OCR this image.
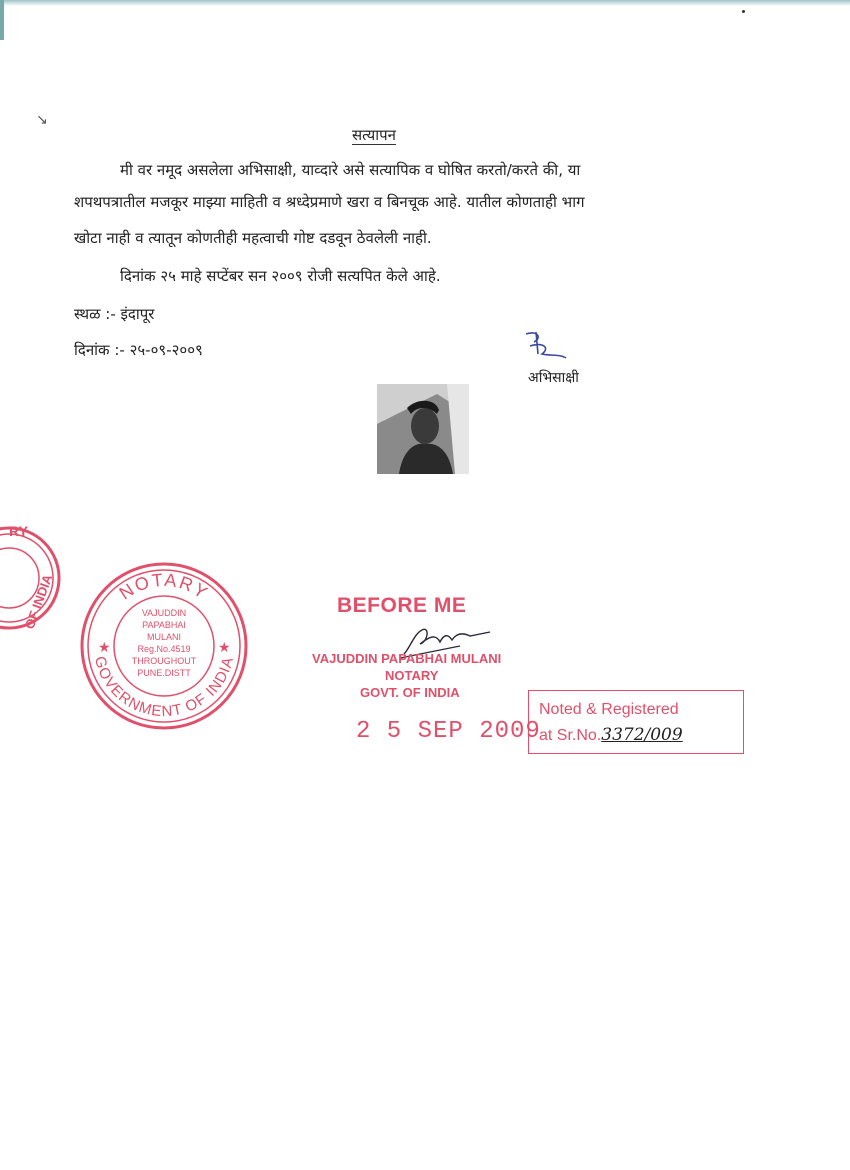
↘
सत्यापन
मी वर नमूद असलेला अभिसाक्षी, याव्दारे असे सत्यापिक व घोषित करतो/करते की, या
शपथपत्रातील मजकूर माझ्या माहिती व श्रध्देप्रमाणे खरा व बिनचूक आहे. यातील कोणताही भाग
खोटा नाही व त्यातून कोणतीही महत्वाची गोष्ट दडवून ठेवलेली नाही.
दिनांक २५ माहे सप्टेंबर सन २००९ रोजी सत्यपित केले आहे.
स्थळ :- इंदापूर
दिनांक :- २५-०९-२००९
अभिसाक्षी
RY
OF INDIA	NOTARY
GOVERNMENT OF INDIA
★	★
VAJUDDIN
PAPABHAI
MULANI
Reg.No.4519
THROUGHOUT
PUNE.DISTT
BEFORE ME
VAJUDDIN PAPABHAI MULANI
NOTARY
GOVT. OF INDIA
2 5 SEP 2009
Noted & Registered
at Sr.No.3372/009
